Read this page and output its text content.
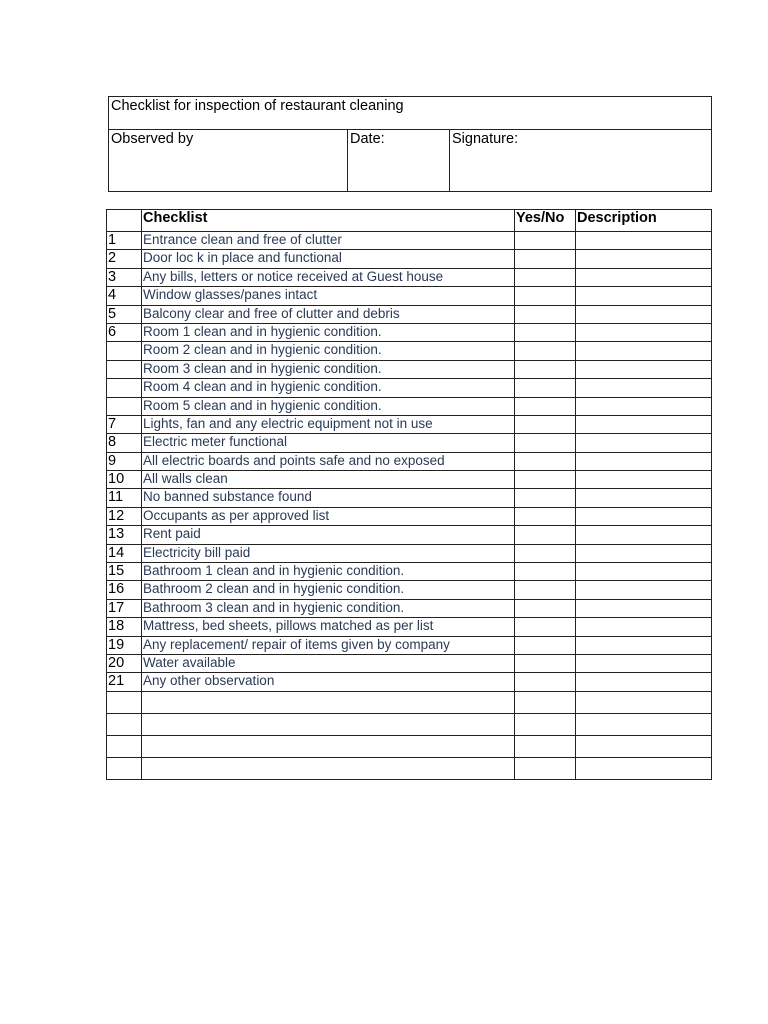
Checklist for inspection of restaurant cleaning
Observed by	Date:	Signature:
	Checklist	Yes/No	Description
1	Entrance clean and free of clutter		
2	Door loc k in place and functional		
3	Any bills, letters or notice received at Guest house		
4	Window glasses/panes intact		
5	Balcony clear and free of clutter and debris		
6	Room 1 clean and in hygienic condition.		
	Room 2 clean and in hygienic condition.		
	Room 3 clean and in hygienic condition.		
	Room 4 clean and in hygienic condition.		
	Room 5 clean and in hygienic condition.		
7	Lights, fan and any electric equipment not in use		
8	Electric meter functional		
9	All electric boards and points safe and no exposed		
10	All walls clean		
11	No banned substance found		
12	Occupants as per approved list		
13	Rent paid		
14	Electricity bill paid		
15	Bathroom 1 clean and in hygienic condition.		
16	Bathroom 2 clean and in hygienic condition.		
17	Bathroom 3 clean and in hygienic condition.		
18	Mattress, bed sheets, pillows matched as per list		
19	Any replacement/ repair of items given by company		
20	Water available		
21	Any other observation		
